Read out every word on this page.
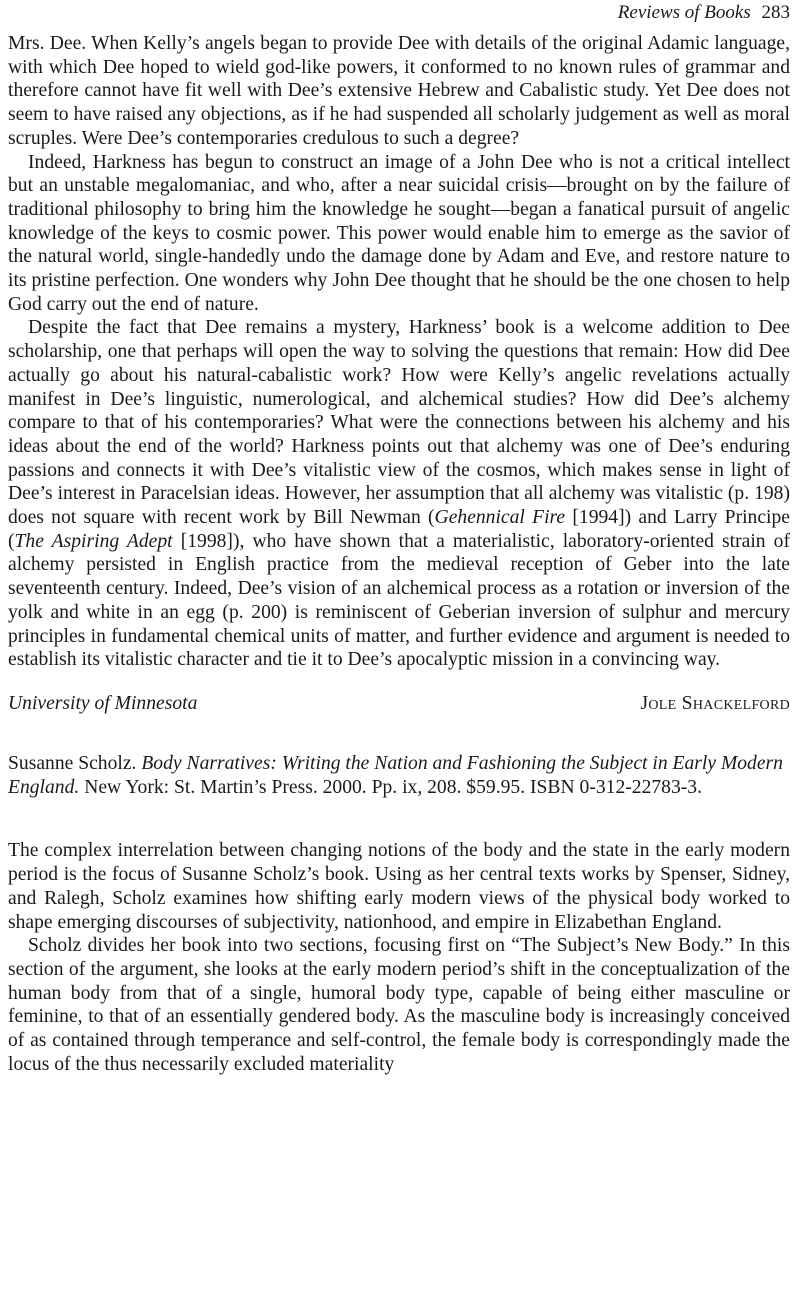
Reviews of Books 283

Mrs. Dee. When Kelly’s angels began to provide Dee with details of the original Adamic language, with which Dee hoped to wield god-like powers, it conformed to no known rules of grammar and therefore cannot have fit well with Dee’s extensive Hebrew and Cabalistic study. Yet Dee does not seem to have raised any objections, as if he had suspended all scholarly judgement as well as moral scruples. Were Dee’s contemporaries credulous to such a degree?

Indeed, Harkness has begun to construct an image of a John Dee who is not a critical intellect but an unstable megalomaniac, and who, after a near suicidal crisis—brought on by the failure of traditional philosophy to bring him the knowledge he sought—began a fanatical pursuit of angelic knowledge of the keys to cosmic power. This power would enable him to emerge as the savior of the natural world, single-handedly undo the damage done by Adam and Eve, and restore nature to its pristine perfection. One wonders why John Dee thought that he should be the one chosen to help God carry out the end of nature.

Despite the fact that Dee remains a mystery, Harkness’ book is a welcome addition to Dee scholarship, one that perhaps will open the way to solving the questions that remain: How did Dee actually go about his natural-cabalistic work? How were Kelly’s angelic revelations actually manifest in Dee’s linguistic, numerological, and alchemical studies? How did Dee’s alchemy compare to that of his contemporaries? What were the connections between his alchemy and his ideas about the end of the world? Harkness points out that alchemy was one of Dee’s enduring passions and connects it with Dee’s vitalistic view of the cosmos, which makes sense in light of Dee’s interest in Paracelsian ideas. However, her assumption that all alchemy was vitalistic (p. 198) does not square with recent work by Bill Newman (Gehennical Fire [1994]) and Larry Principe (The Aspiring Adept [1998]), who have shown that a materialistic, laboratory-oriented strain of alchemy persisted in English practice from the medieval reception of Geber into the late seventeenth century. Indeed, Dee’s vision of an alchemical process as a rotation or inversion of the yolk and white in an egg (p. 200) is reminiscent of Geberian inversion of sulphur and mercury principles in fundamental chemical units of matter, and further evidence and argument is needed to establish its vitalistic character and tie it to Dee’s apocalyptic mission in a convincing way.

University of Minnesota	Jole Shackelford

Susanne Scholz. Body Narratives: Writing the Nation and Fashioning the Subject in Early Modern England. New York: St. Martin’s Press. 2000. Pp. ix, 208. $59.95. ISBN 0-312-22783-3.

The complex interrelation between changing notions of the body and the state in the early modern period is the focus of Susanne Scholz’s book. Using as her central texts works by Spenser, Sidney, and Ralegh, Scholz examines how shifting early modern views of the physical body worked to shape emerging discourses of subjectivity, nationhood, and empire in Elizabethan England.

Scholz divides her book into two sections, focusing first on “The Subject’s New Body.” In this section of the argument, she looks at the early modern period’s shift in the conceptualization of the human body from that of a single, humoral body type, capable of being either masculine or feminine, to that of an essentially gendered body. As the masculine body is increasingly conceived of as contained through temperance and self-control, the female body is correspondingly made the locus of the thus necessarily excluded materiality
